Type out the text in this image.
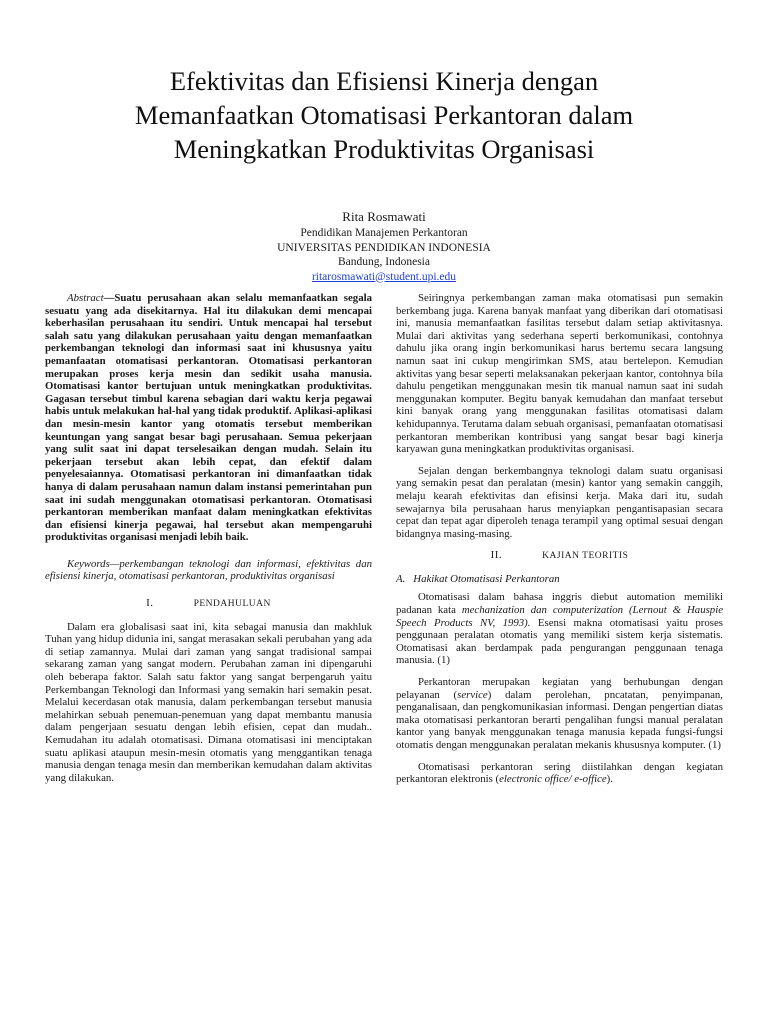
Efektivitas dan Efisiensi Kinerja dengan
Memanfaatkan Otomatisasi Perkantoran dalam
Meningkatkan Produktivitas Organisasi
Rita Rosmawati
Pendidikan Manajemen Perkantoran
UNIVERSITAS PENDIDIKAN INDONESIA
Bandung, Indonesia
ritarosmawati@student.upi.edu

Abstract—Suatu perusahaan akan selalu memanfaatkan segala sesuatu yang ada disekitarnya. Hal itu dilakukan demi mencapai keberhasilan perusahaan itu sendiri. Untuk mencapai hal tersebut salah satu yang dilakukan perusahaan yaitu dengan memanfaatkan perkembangan teknologi dan informasi saat ini khususnya yaitu pemanfaatan otomatisasi perkantoran. Otomatisasi perkantoran merupakan proses kerja mesin dan sedikit usaha manusia. Otomatisasi kantor bertujuan untuk meningkatkan produktivitas. Gagasan tersebut timbul karena sebagian dari waktu kerja pegawai habis untuk melakukan hal-hal yang tidak produktif. Aplikasi-aplikasi dan mesin-mesin kantor yang otomatis tersebut memberikan keuntungan yang sangat besar bagi perusahaan. Semua pekerjaan yang sulit saat ini dapat terselesaikan dengan mudah. Selain itu pekerjaan tersebut akan lebih cepat, dan efektif dalam penyelesaiannya. Otomatisasi perkantoran ini dimanfaatkan tidak hanya di dalam perusahaan namun dalam instansi pemerintahan pun saat ini sudah menggunakan otomatisasi perkantoran. Otomatisasi perkantoran memberikan manfaat dalam meningkatkan efektivitas dan efisiensi kinerja pegawai, hal tersebut akan mempengaruhi produktivitas organisasi menjadi lebih baik.

Keywords—perkembangan teknologi dan informasi, efektivitas dan efisiensi kinerja, otomatisasi perkantoran, produktivitas organisasi

I.	PENDAHULUAN

Dalam era globalisasi saat ini, kita sebagai manusia dan makhluk Tuhan yang hidup didunia ini, sangat merasakan sekali perubahan yang ada di setiap zamannya. Mulai dari zaman yang sangat tradisional sampai sekarang zaman yang sangat modern. Perubahan zaman ini dipengaruhi oleh beberapa faktor. Salah satu faktor yang sangat berpengaruh yaitu Perkembangan Teknologi dan Informasi yang semakin hari semakin pesat. Melalui kecerdasan otak manusia, dalam perkembangan tersebut manusia melahirkan sebuah penemuan-penemuan yang dapat membantu manusia dalam pengerjaan sesuatu dengan lebih efisien, cepat dan mudah.. Kemudahan itu adalah otomatisasi. Dimana otomatisasi ini menciptakan suatu aplikasi ataupun mesin-mesin otomatis yang menggantikan tenaga manusia dengan tenaga mesin dan memberikan kemudahan dalam aktivitas yang dilakukan.

Seiringnya perkembangan zaman maka otomatisasi pun semakin berkembang juga. Karena banyak manfaat yang diberikan dari otomatisasi ini, manusia memanfaatkan fasilitas tersebut dalam setiap aktivitasnya. Mulai dari aktivitas yang sederhana seperti berkomunikasi, contohnya dahulu jika orang ingin berkomunikasi harus bertemu secara langsung namun saat ini cukup mengirimkan SMS, atau bertelepon. Kemudian aktivitas yang besar seperti melaksanakan pekerjaan kantor, contohnya bila dahulu pengetikan menggunakan mesin tik manual namun saat ini sudah menggunakan komputer. Begitu banyak kemudahan dan manfaat tersebut kini banyak orang yang menggunakan fasilitas otomatisasi dalam kehidupannya. Terutama dalam sebuah organisasi, pemanfaatan otomatisasi perkantoran memberikan kontribusi yang sangat besar bagi kinerja karyawan guna meningkatkan produktivitas organisasi.

Sejalan dengan berkembangnya teknologi dalam suatu organisasi yang semakin pesat dan peralatan (mesin) kantor yang semakin canggih, melaju kearah efektivitas dan efisinsi kerja. Maka dari itu, sudah sewajarnya bila perusahaan harus menyiapkan pengantisapasian secara cepat dan tepat agar diperoleh tenaga terampil yang optimal sesuai dengan bidangnya masing-masing.

II.	KAJIAN TEORITIS
A. Hakikat Otomatisasi Perkantoran

Otomatisasi dalam bahasa inggris diebut automation memiliki padanan kata mechanization dan computerization (Lernout & Hauspie Speech Products NV, 1993). Esensi makna otomatisasi yaitu proses penggunaan peralatan otomatis yang memiliki sistem kerja sistematis. Otomatisasi akan berdampak pada pengurangan penggunaan tenaga manusia. (1)

Perkantoran merupakan kegiatan yang berhubungan dengan pelayanan (service) dalam perolehan, pncatatan, penyimpanan, penganalisaan, dan pengkomunikasian informasi. Dengan pengertian diatas maka otomatisasi perkantoran berarti pengalihan fungsi manual peralatan kantor yang banyak menggunakan tenaga manusia kepada fungsi-fungsi otomatis dengan menggunakan peralatan mekanis khususnya komputer. (1)

Otomatisasi perkantoran sering diistilahkan dengan kegiatan perkantoran elektronis (electronic office/ e-office).
